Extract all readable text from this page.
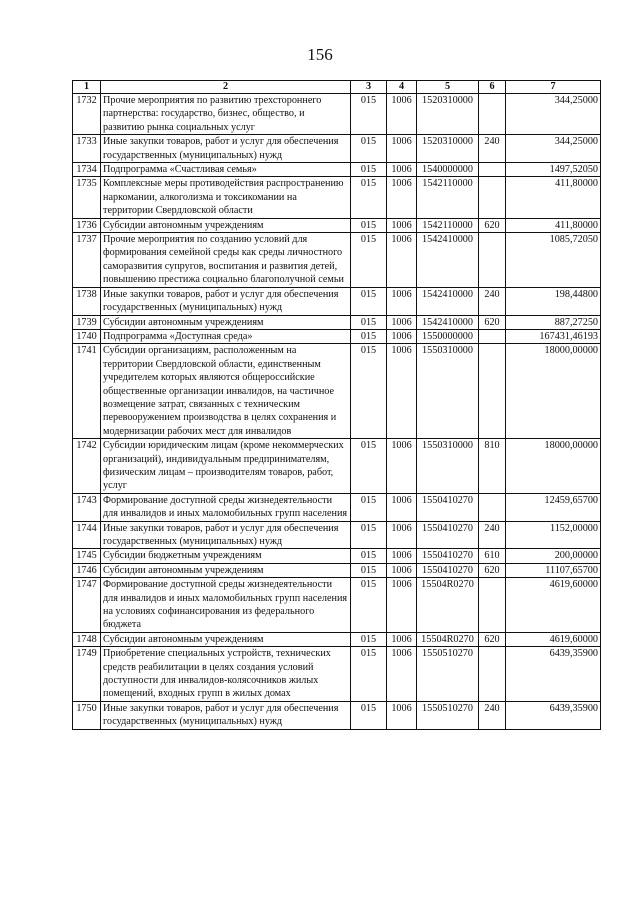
156
1	2	3	4	5	6	7
1732	Прочие мероприятия по развитию трехстороннего партнерства: государство, бизнес, общество, и развитию рынка социальных услуг	015	1006	1520310000		344,25000
1733	Иные закупки товаров, работ и услуг для обеспечения государственных (муниципальных) нужд	015	1006	1520310000	240	344,25000
1734	Подпрограмма «Счастливая семья»	015	1006	1540000000		1497,52050
1735	Комплексные меры противодействия распространению наркомании, алкоголизма и токсикомании на территории Свердловской области	015	1006	1542110000		411,80000
1736	Субсидии автономным учреждениям	015	1006	1542110000	620	411,80000
1737	Прочие мероприятия по созданию условий для формирования семейной среды как среды личностного саморазвития супругов, воспитания и развития детей, повышению престижа социально благополучной семьи	015	1006	1542410000		1085,72050
1738	Иные закупки товаров, работ и услуг для обеспечения государственных (муниципальных) нужд	015	1006	1542410000	240	198,44800
1739	Субсидии автономным учреждениям	015	1006	1542410000	620	887,27250
1740	Подпрограмма «Доступная среда»	015	1006	1550000000		167431,46193
1741	Субсидии организациям, расположенным на территории Свердловской области, единственным учредителем которых являются общероссийские общественные организации инвалидов, на частичное возмещение затрат, связанных с техническим перевооружением производства в целях сохранения и модернизации рабочих мест для инвалидов	015	1006	1550310000		18000,00000
1742	Субсидии юридическим лицам (кроме некоммерческих организаций), индивидуальным предпринимателям, физическим лицам – производителям товаров, работ, услуг	015	1006	1550310000	810	18000,00000
1743	Формирование доступной среды жизнедеятельности для инвалидов и иных маломобильных групп населения	015	1006	1550410270		12459,65700
1744	Иные закупки товаров, работ и услуг для обеспечения государственных (муниципальных) нужд	015	1006	1550410270	240	1152,00000
1745	Субсидии бюджетным учреждениям	015	1006	1550410270	610	200,00000
1746	Субсидии автономным учреждениям	015	1006	1550410270	620	11107,65700
1747	Формирование доступной среды жизнедеятельности для инвалидов и иных маломобильных групп населения на условиях софинансирования из федерального бюджета	015	1006	15504R0270		4619,60000
1748	Субсидии автономным учреждениям	015	1006	15504R0270	620	4619,60000
1749	Приобретение специальных устройств, технических средств реабилитации в целях создания условий доступности для инвалидов-колясочников жилых помещений, входных групп в жилых домах	015	1006	1550510270		6439,35900
1750	Иные закупки товаров, работ и услуг для обеспечения государственных (муниципальных) нужд	015	1006	1550510270	240	6439,35900
